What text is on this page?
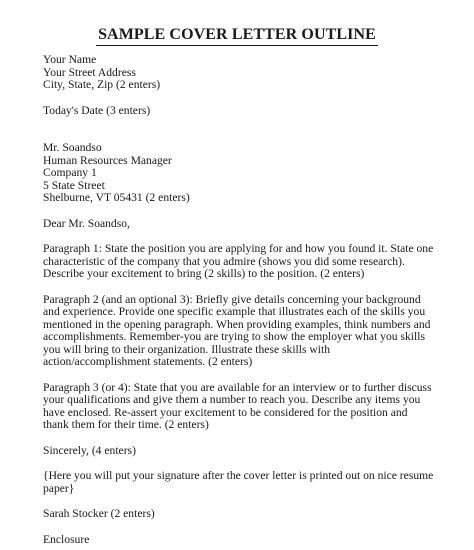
SAMPLE COVER LETTER OUTLINE
Your Name
Your Street Address
City, State, Zip (2 enters)
Today's Date (3 enters)
Mr. Soandso
Human Resources Manager
Company 1
5 State Street
Shelburne, VT 05431 (2 enters)
Dear Mr. Soandso,
Paragraph 1: State the position you are applying for and how you found it. State one
characteristic of the company that you admire (shows you did some research).
Describe your excitement to bring (2 skills) to the position. (2 enters)
Paragraph 2 (and an optional 3): Briefly give details concerning your background
and experience. Provide one specific example that illustrates each of the skills you
mentioned in the opening paragraph. When providing examples, think numbers and
accomplishments. Remember-you are trying to show the employer what you skills
you will bring to their organization. Illustrate these skills with
action/accomplishment statements. (2 enters)
Paragraph 3 (or 4): State that you are available for an interview or to further discuss
your qualifications and give them a number to reach you. Describe any items you
have enclosed. Re-assert your excitement to be considered for the position and
thank them for their time. (2 enters)
Sincerely, (4 enters)
{Here you will put your signature after the cover letter is printed out on nice resume
paper}
Sarah Stocker (2 enters)
Enclosure
